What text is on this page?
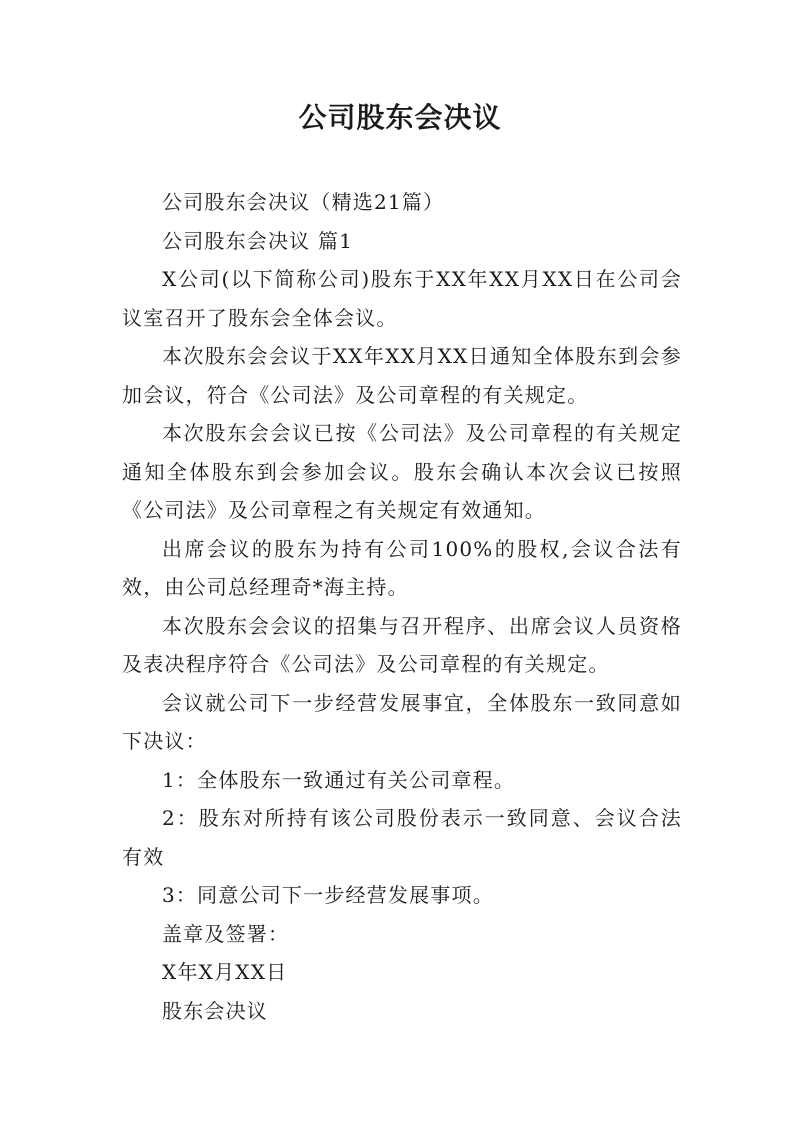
公司股东会决议

公司股东会决议（精选21篇）

公司股东会决议 篇1

X公司(以下简称公司)股东于XX年XX月XX日在公司会议室召开了股东会全体会议。

本次股东会会议于XX年XX月XX日通知全体股东到会参加会议，符合《公司法》及公司章程的有关规定。

本次股东会会议已按《公司法》及公司章程的有关规定通知全体股东到会参加会议。股东会确认本次会议已按照《公司法》及公司章程之有关规定有效通知。

出席会议的股东为持有公司100%的股权,会议合法有效，由公司总经理奇*海主持。

本次股东会会议的招集与召开程序、出席会议人员资格及表决程序符合《公司法》及公司章程的有关规定。

会议就公司下一步经营发展事宜，全体股东一致同意如下决议：

1：全体股东一致通过有关公司章程。

2：股东对所持有该公司股份表示一致同意、会议合法有效

3：同意公司下一步经营发展事项。

盖章及签署：

X年X月XX日

股东会决议
